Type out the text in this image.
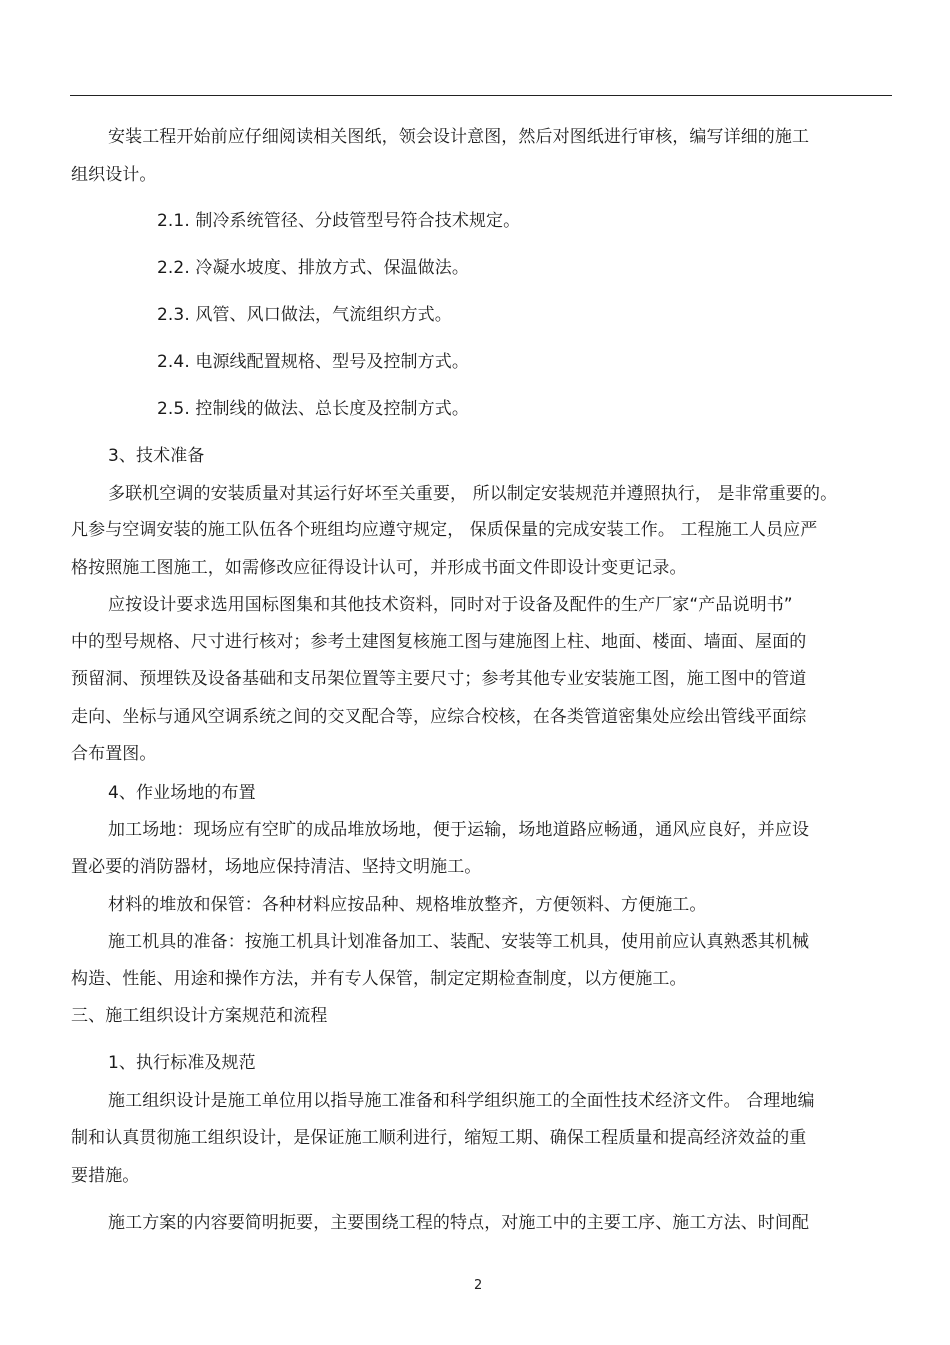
安装工程开始前应仔细阅读相关图纸，领会设计意图，然后对图纸进行审核，编写详细的施工
组织设计。
2.1. 制冷系统管径、分歧管型号符合技术规定。
2.2. 冷凝水坡度、排放方式、保温做法。
2.3. 风管、风口做法，气流组织方式。
2.4. 电源线配置规格、型号及控制方式。
2.5. 控制线的做法、总长度及控制方式。
3、技术准备
多联机空调的安装质量对其运行好坏至关重要， 所以制定安装规范并遵照执行， 是非常重要的。
凡参与空调安装的施工队伍各个班组均应遵守规定， 保质保量的完成安装工作。 工程施工人员应严
格按照施工图施工，如需修改应征得设计认可，并形成书面文件即设计变更记录。
应按设计要求选用国标图集和其他技术资料，同时对于设备及配件的生产厂家“产品说明书”
中的型号规格、尺寸进行核对；参考土建图复核施工图与建施图上柱、地面、楼面、墙面、屋面的
预留洞、预埋铁及设备基础和支吊架位置等主要尺寸；参考其他专业安装施工图，施工图中的管道
走向、坐标与通风空调系统之间的交叉配合等，应综合校核，在各类管道密集处应绘出管线平面综
合布置图。
4、作业场地的布置
加工场地：现场应有空旷的成品堆放场地，便于运输，场地道路应畅通，通风应良好，并应设
置必要的消防器材，场地应保持清洁、坚持文明施工。
材料的堆放和保管：各种材料应按品种、规格堆放整齐，方便领料、方便施工。
施工机具的准备：按施工机具计划准备加工、装配、安装等工机具，使用前应认真熟悉其机械
构造、性能、用途和操作方法，并有专人保管，制定定期检查制度，以方便施工。
三、施工组织设计方案规范和流程
1、执行标准及规范
施工组织设计是施工单位用以指导施工准备和科学组织施工的全面性技术经济文件。 合理地编
制和认真贯彻施工组织设计，是保证施工顺利进行，缩短工期、确保工程质量和提高经济效益的重
要措施。
施工方案的内容要简明扼要，主要围绕工程的特点，对施工中的主要工序、施工方法、时间配
2
